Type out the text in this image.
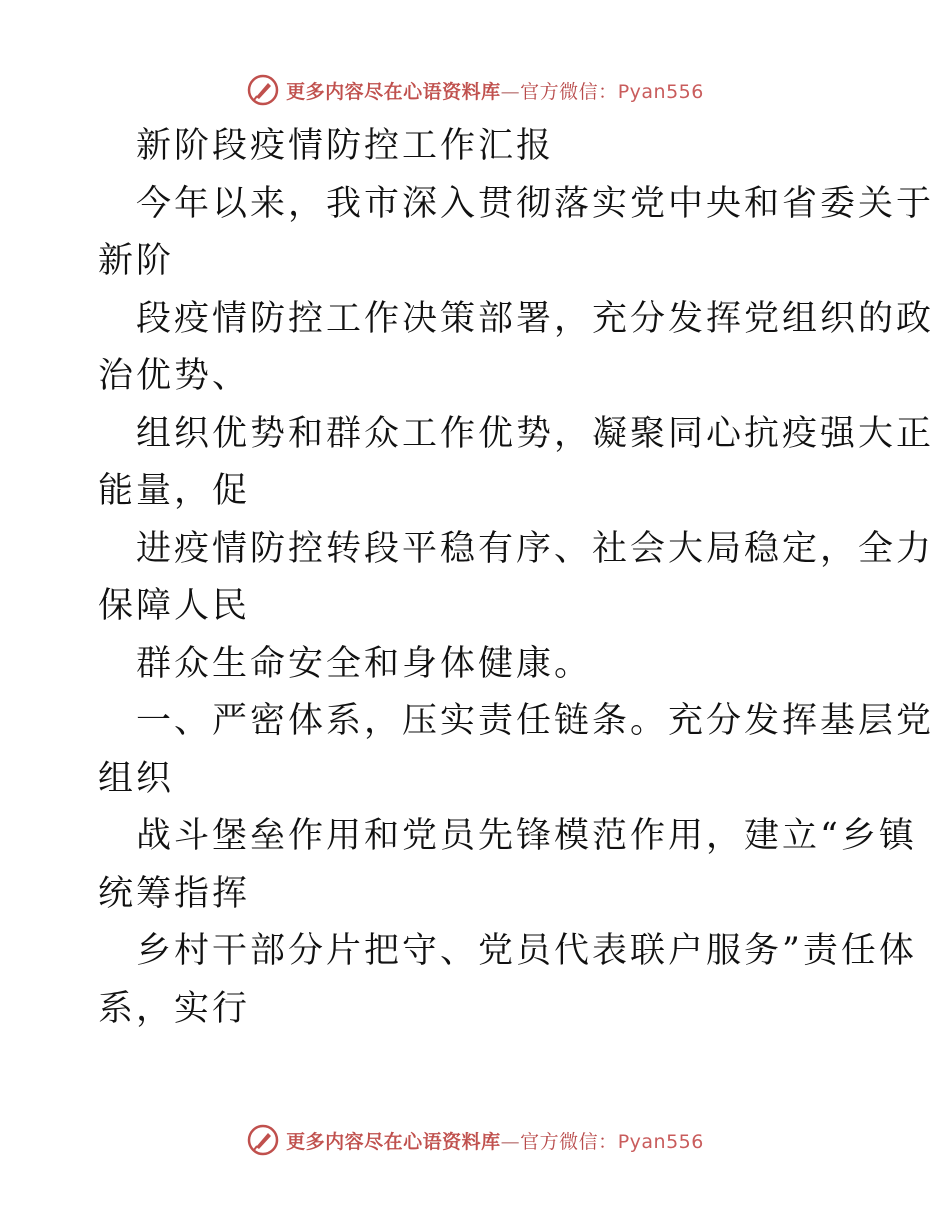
更多内容尽在心语资料库—官方微信：Pyan556
新阶段疫情防控工作汇报
今年以来，我市深入贯彻落实党中央和省委关于
新阶
段疫情防控工作决策部署，充分发挥党组织的政
治优势、
组织优势和群众工作优势，凝聚同心抗疫强大正
能量，促
进疫情防控转段平稳有序、社会大局稳定，全力
保障人民
群众生命安全和身体健康。
一、严密体系，压实责任链条。充分发挥基层党
组织
战斗堡垒作用和党员先锋模范作用，建立“乡镇
统筹指挥
乡村干部分片把守、党员代表联户服务”责任体
系，实行
更多内容尽在心语资料库—官方微信：Pyan556
